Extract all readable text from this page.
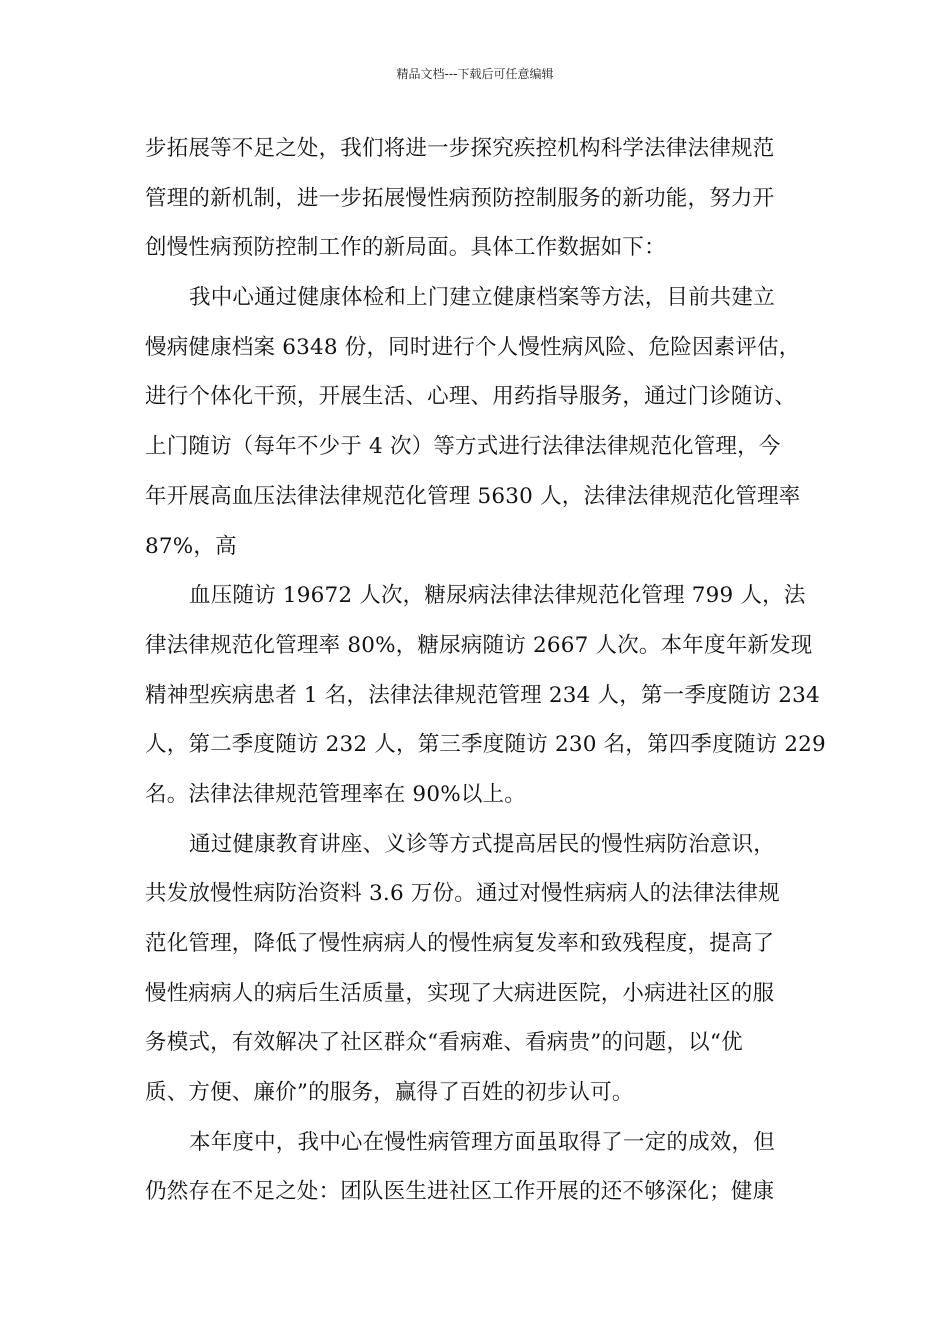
精品文档---下载后可任意编辑
步拓展等不足之处，我们将进一步探究疾控机构科学法律法律规范
管理的新机制，进一步拓展慢性病预防控制服务的新功能，努力开
创慢性病预防控制工作的新局面。具体工作数据如下：
我中心通过健康体检和上门建立健康档案等方法，目前共建立
慢病健康档案 6348 份，同时进行个人慢性病风险、危险因素评估，
进行个体化干预，开展生活、心理、用药指导服务，通过门诊随访、
上门随访（每年不少于 4 次）等方式进行法律法律规范化管理，今
年开展高血压法律法律规范化管理 5630 人，法律法律规范化管理率
87%，高
血压随访 19672 人次，糖尿病法律法律规范化管理 799 人，法
律法律规范化管理率 80%，糖尿病随访 2667 人次。本年度年新发现
精神型疾病患者 1 名，法律法律规范管理 234 人，第一季度随访 234
人，第二季度随访 232 人，第三季度随访 230 名，第四季度随访 229
名。法律法律规范管理率在 90%以上。
通过健康教育讲座、义诊等方式提高居民的慢性病防治意识，
共发放慢性病防治资料 3.6 万份。通过对慢性病病人的法律法律规
范化管理，降低了慢性病病人的慢性病复发率和致残程度，提高了
慢性病病人的病后生活质量，实现了大病进医院，小病进社区的服
务模式，有效解决了社区群众“看病难、看病贵”的问题，以“优
质、方便、廉价”的服务，赢得了百姓的初步认可。
本年度中，我中心在慢性病管理方面虽取得了一定的成效，但
仍然存在不足之处：团队医生进社区工作开展的还不够深化；健康
